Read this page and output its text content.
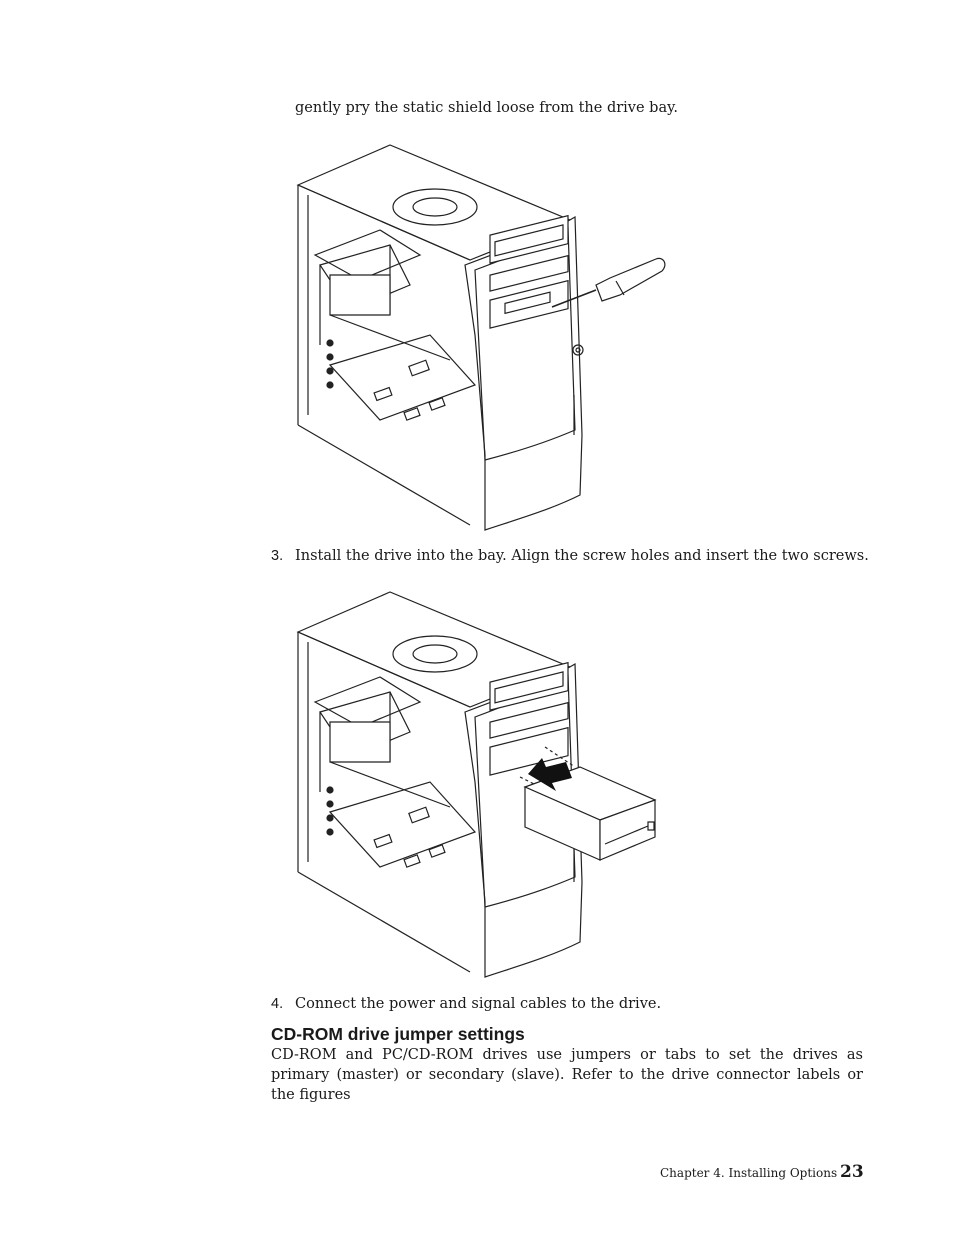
gently pry the static shield loose from the drive bay.
3. Install the drive into the bay. Align the screw holes and insert the two screws.
4. Connect the power and signal cables to the drive.
CD-ROM drive jumper settings
CD-ROM and PC/CD-ROM drives use jumpers or tabs to set the drives as primary (master) or secondary (slave). Refer to the drive connector labels or the figures
Chapter 4. Installing Options 23
